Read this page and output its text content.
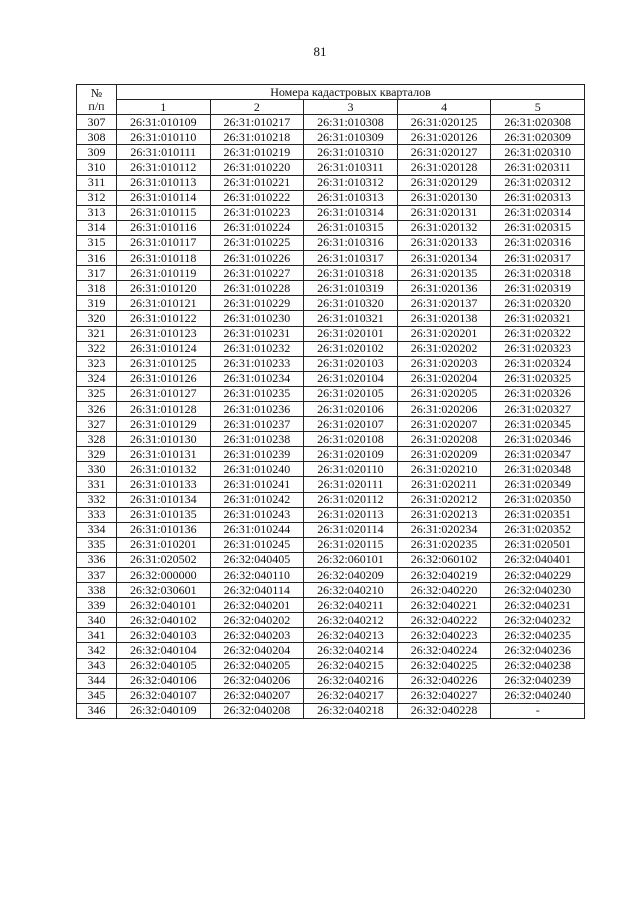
81
№
п/п	Номера кадастровых кварталов				
	1	2	3	4	5
307	26:31:010109	26:31:010217	26:31:010308	26:31:020125	26:31:020308
308	26:31:010110	26:31:010218	26:31:010309	26:31:020126	26:31:020309
309	26:31:010111	26:31:010219	26:31:010310	26:31:020127	26:31:020310
310	26:31:010112	26:31:010220	26:31:010311	26:31:020128	26:31:020311
311	26:31:010113	26:31:010221	26:31:010312	26:31:020129	26:31:020312
312	26:31:010114	26:31:010222	26:31:010313	26:31:020130	26:31:020313
313	26:31:010115	26:31:010223	26:31:010314	26:31:020131	26:31:020314
314	26:31:010116	26:31:010224	26:31:010315	26:31:020132	26:31:020315
315	26:31:010117	26:31:010225	26:31:010316	26:31:020133	26:31:020316
316	26:31:010118	26:31:010226	26:31:010317	26:31:020134	26:31:020317
317	26:31:010119	26:31:010227	26:31:010318	26:31:020135	26:31:020318
318	26:31:010120	26:31:010228	26:31:010319	26:31:020136	26:31:020319
319	26:31:010121	26:31:010229	26:31:010320	26:31:020137	26:31:020320
320	26:31:010122	26:31:010230	26:31:010321	26:31:020138	26:31:020321
321	26:31:010123	26:31:010231	26:31:020101	26:31:020201	26:31:020322
322	26:31:010124	26:31:010232	26:31:020102	26:31:020202	26:31:020323
323	26:31:010125	26:31:010233	26:31:020103	26:31:020203	26:31:020324
324	26:31:010126	26:31:010234	26:31:020104	26:31:020204	26:31:020325
325	26:31:010127	26:31:010235	26:31:020105	26:31:020205	26:31:020326
326	26:31:010128	26:31:010236	26:31:020106	26:31:020206	26:31:020327
327	26:31:010129	26:31:010237	26:31:020107	26:31:020207	26:31:020345
328	26:31:010130	26:31:010238	26:31:020108	26:31:020208	26:31:020346
329	26:31:010131	26:31:010239	26:31:020109	26:31:020209	26:31:020347
330	26:31:010132	26:31:010240	26:31:020110	26:31:020210	26:31:020348
331	26:31:010133	26:31:010241	26:31:020111	26:31:020211	26:31:020349
332	26:31:010134	26:31:010242	26:31:020112	26:31:020212	26:31:020350
333	26:31:010135	26:31:010243	26:31:020113	26:31:020213	26:31:020351
334	26:31:010136	26:31:010244	26:31:020114	26:31:020234	26:31:020352
335	26:31:010201	26:31:010245	26:31:020115	26:31:020235	26:31:020501
336	26:31:020502	26:32:040405	26:32:060101	26:32:060102	26:32:040401
337	26:32:000000	26:32:040110	26:32:040209	26:32:040219	26:32:040229
338	26:32:030601	26:32:040114	26:32:040210	26:32:040220	26:32:040230
339	26:32:040101	26:32:040201	26:32:040211	26:32:040221	26:32:040231
340	26:32:040102	26:32:040202	26:32:040212	26:32:040222	26:32:040232
341	26:32:040103	26:32:040203	26:32:040213	26:32:040223	26:32:040235
342	26:32:040104	26:32:040204	26:32:040214	26:32:040224	26:32:040236
343	26:32:040105	26:32:040205	26:32:040215	26:32:040225	26:32:040238
344	26:32:040106	26:32:040206	26:32:040216	26:32:040226	26:32:040239
345	26:32:040107	26:32:040207	26:32:040217	26:32:040227	26:32:040240
346	26:32:040109	26:32:040208	26:32:040218	26:32:040228	-
